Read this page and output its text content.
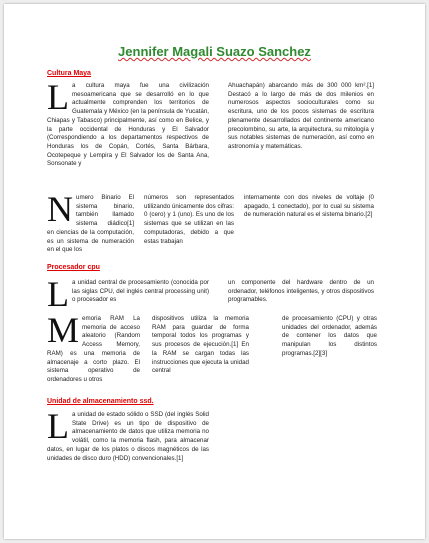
Jennifer Magali Suazo Sanchez
Cultura Maya
L a cultura maya fue una civilización mesoamericana que se desarrolló en lo que actualmente comprenden los territorios de Guatemala y México (en la península de Yucatán, Chiapas y Tabasco) principalmente, así como en Belice, y la parte occidental de Honduras y El Salvador (Correspondiendo a los departamentos respectivos de Honduras los de Copán, Cortés, Santa Bárbara, Ocotepeque y Lempira y El Salvador los de Santa Ana, Sonsonate y
Ahuachapán) abarcando más de 300 000 km².[1] Destacó a lo largo de más de dos milenios en numerosos aspectos socioculturales como su escritura, uno de los pocos sistemas de escritura plenamente desarrollados del continente americano precolombino, su arte, la arquitectura, su mitología y sus notables sistemas de numeración, así como en astronomía y matemáticas.
N umero Binario El sistema binario, también llamado sistema diádico[1] en ciencias de la computación, es un sistema de numeración en el que los
números son representados utilizando únicamente dos cifras: 0 (cero) y 1 (uno). Es uno de los sistemas que se utilizan en las computadoras, debido a que estas trabajan
internamente con dos niveles de voltaje (0 apagado, 1 conectado), por lo cual su sistema de numeración natural es el sistema binario.[2]
Procesador cpu
L a unidad central de procesamiento (conocida por las siglas CPU, del inglés central processing unit) o procesador es
un componente del hardware dentro de un ordenador, teléfonos inteligentes, y otros dispositivos programables.
M emoria RAM La memoria de acceso aleatorio (Random Access Memory, RAM) es una memoria de almacenaje a corto plazo. El sistema operativo de ordenadores u otros
dispositivos utiliza la memoria RAM para guardar de forma temporal todos los programas y sus procesos de ejecución.[1] En la RAM se cargan todas las instrucciones que ejecuta la unidad central
de procesamiento (CPU) y otras unidades del ordenador, además de contener los datos que manipulan los distintos programas.[2][3]
Unidad de almacenamiento ssd.
L a unidad de estado sólido o SSD (del inglés Solid State Drive) es un tipo de dispositivo de almacenamiento de datos que utiliza memoria no volátil, como la memoria flash, para almacenar datos, en lugar de los platos o discos magnéticos de las unidades de disco duro (HDD) convencionales.[1]
